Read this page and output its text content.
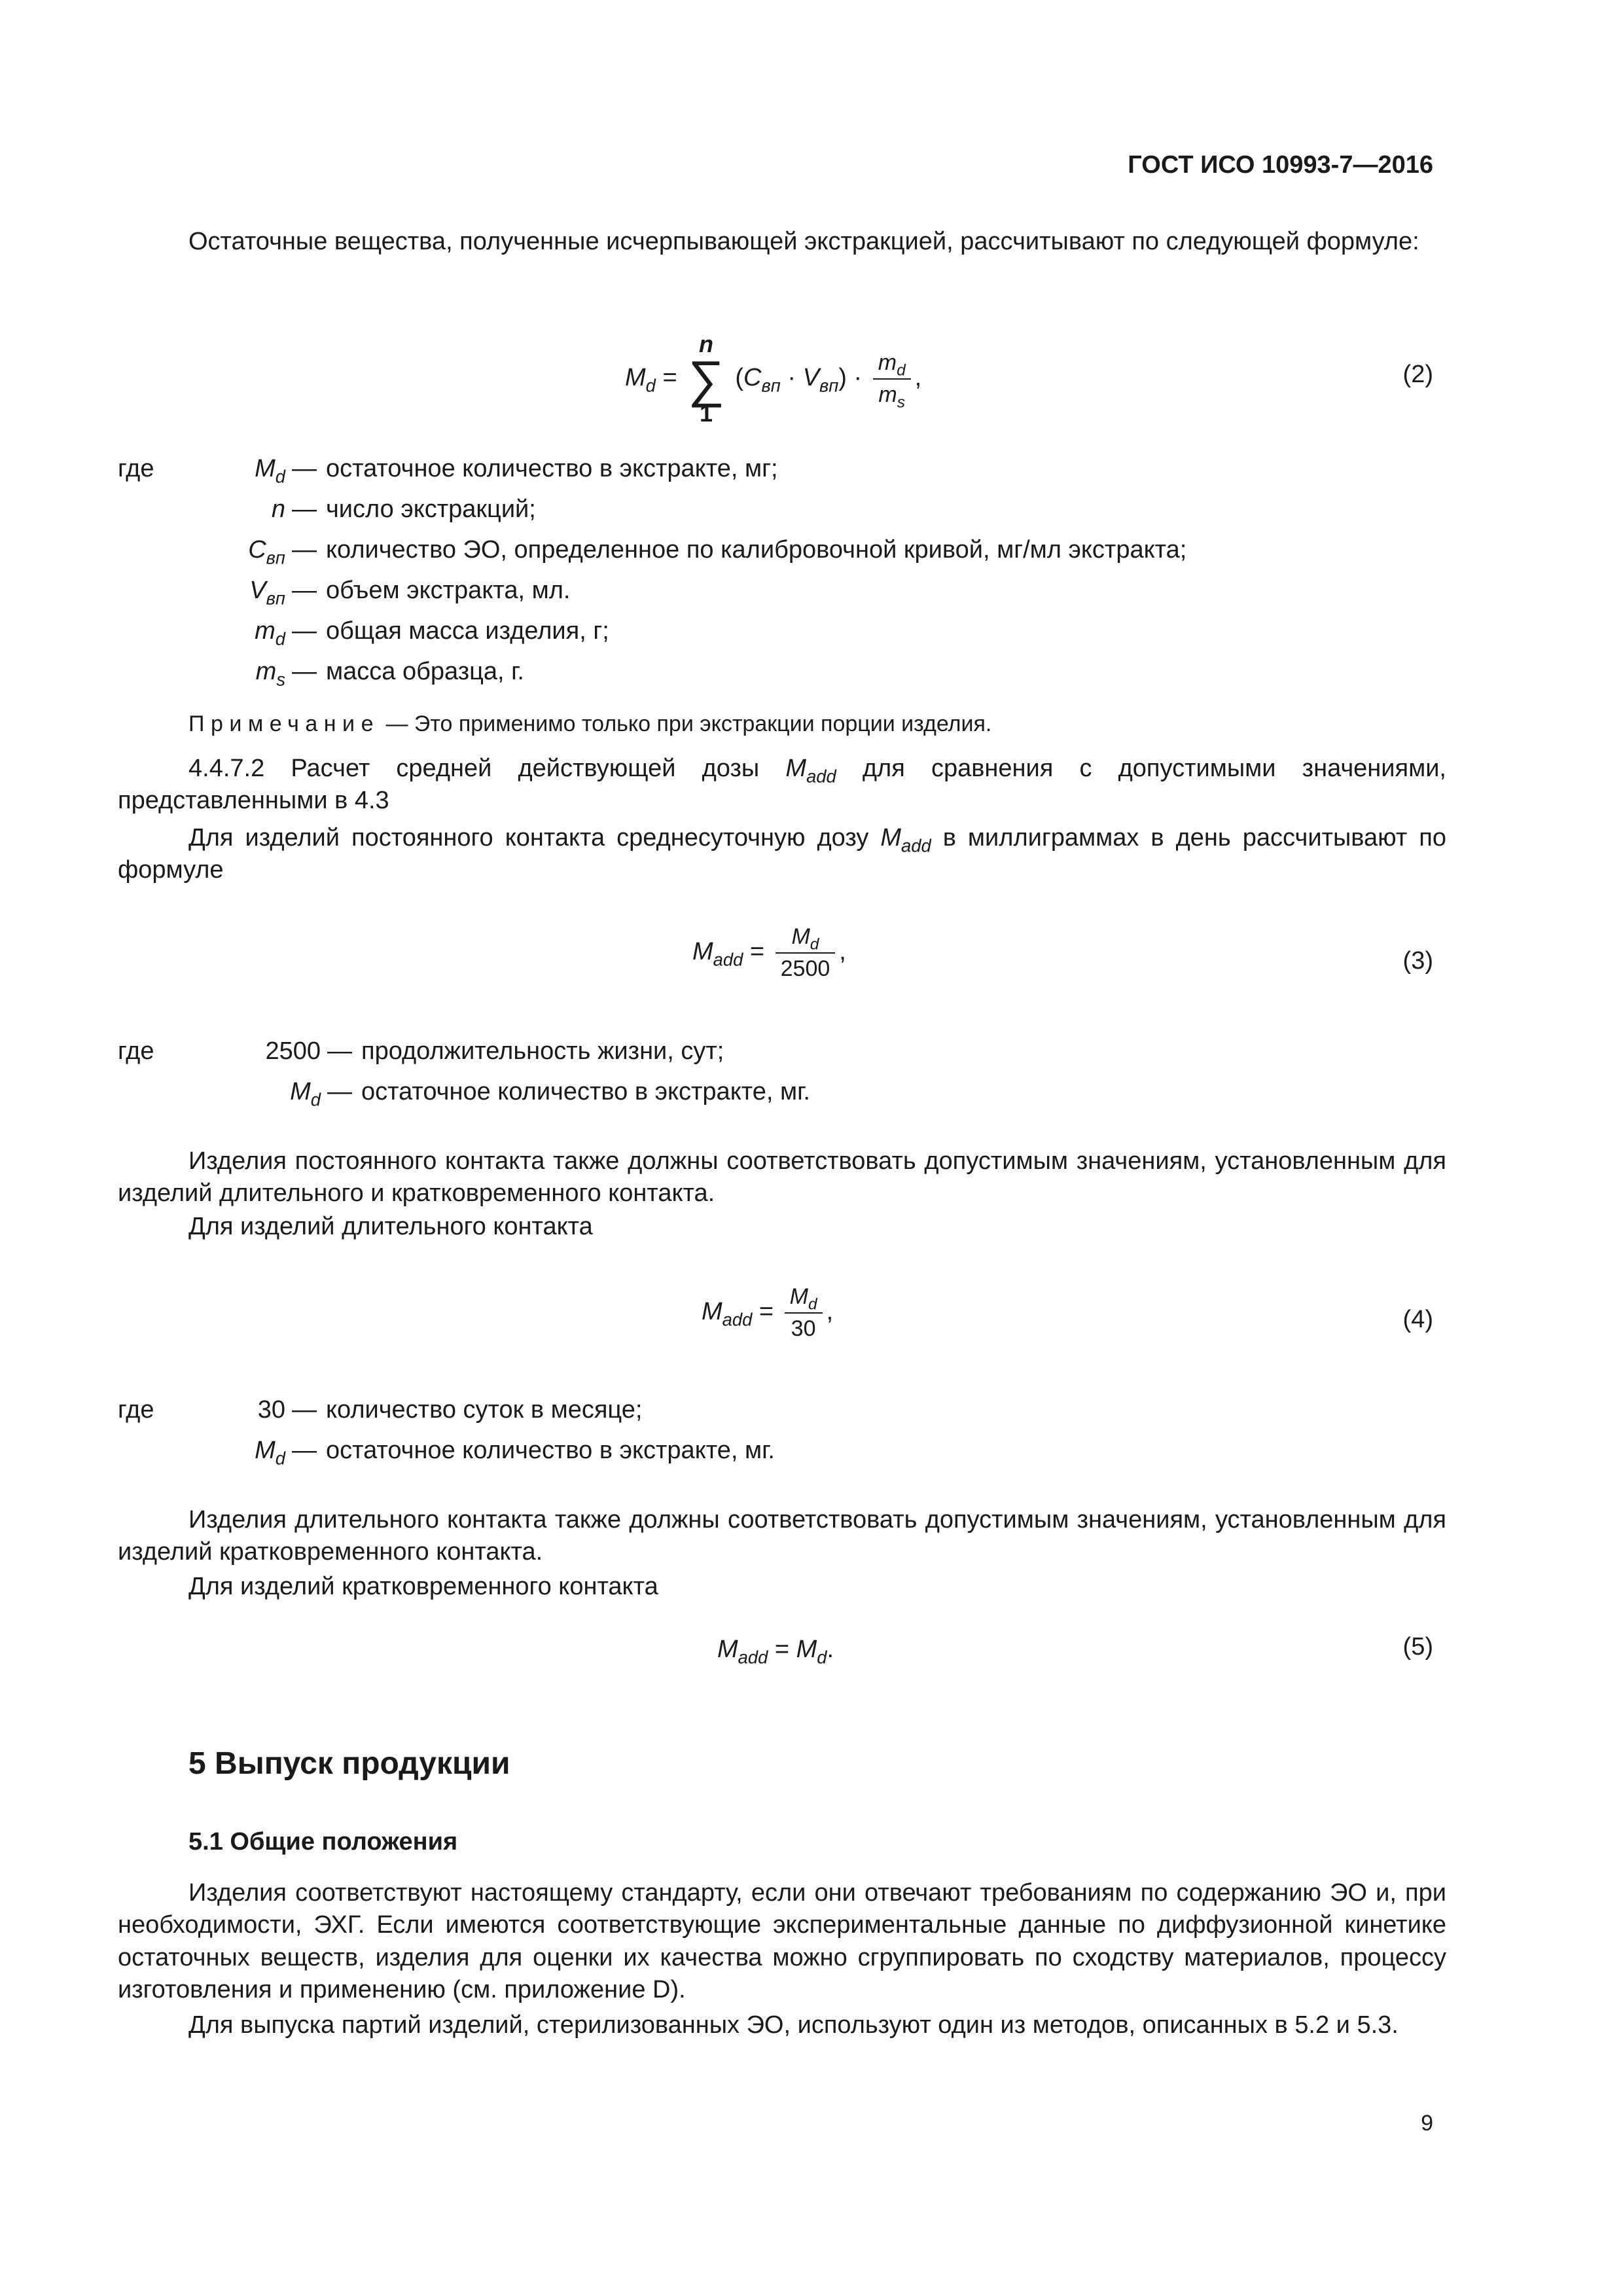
ГОСТ ИСО 10993-7—2016
Остаточные вещества, полученные исчерпывающей экстракцией, рассчитывают по следующей формуле:
$M_d$ =
n
∑
1
$(C_{вп} \cdot V_{вп}) \cdot \frac{m_d}{m_s}$ ,	(2)
где	$M_d$ — остаточное количество в экстракте, мг;
n — число экстракций;
$C_{вп}$ — количество ЭО, определенное по калибровочной кривой, мг/мл экстракта;
$V_{вп}$ — объем экстракта, мл.
$m_d$ — общая масса изделия, г;
$m_s$ — масса образца, г.
Примечание — Это применимо только при экстракции порции изделия.
4.4.7.2 Расчет средней действующей дозы $M_{add}$ для сравнения с допустимыми значениями, представленными в 4.3
Для изделий постоянного контакта среднесуточную дозу $M_{add}$ в миллиграммах в день рассчитывают по формуле
$M_{add} = \frac{M_d}{2500}$ ,	(3)
где	2500 — продолжительность жизни, сут;
$M_d$ — остаточное количество в экстракте, мг.
Изделия постоянного контакта также должны соответствовать допустимым значениям, установленным для изделий длительного и кратковременного контакта.
Для изделий длительного контакта
$M_{add} = \frac{M_d}{30}$ ,	(4)
где	30 — количество суток в месяце;
$M_d$ — остаточное количество в экстракте, мг.
Изделия длительного контакта также должны соответствовать допустимым значениям, установленным для изделий кратковременного контакта.
Для изделий кратковременного контакта
$M_{add} = M_d$.	(5)
5 Выпуск продукции
5.1 Общие положения
Изделия соответствуют настоящему стандарту, если они отвечают требованиям по содержанию ЭО и, при необходимости, ЭХГ. Если имеются соответствующие экспериментальные данные по диффузионной кинетике остаточных веществ, изделия для оценки их качества можно сгруппировать по сходству материалов, процессу изготовления и применению (см. приложение D).
Для выпуска партий изделий, стерилизованных ЭО, используют один из методов, описанных в 5.2 и 5.3.
9
